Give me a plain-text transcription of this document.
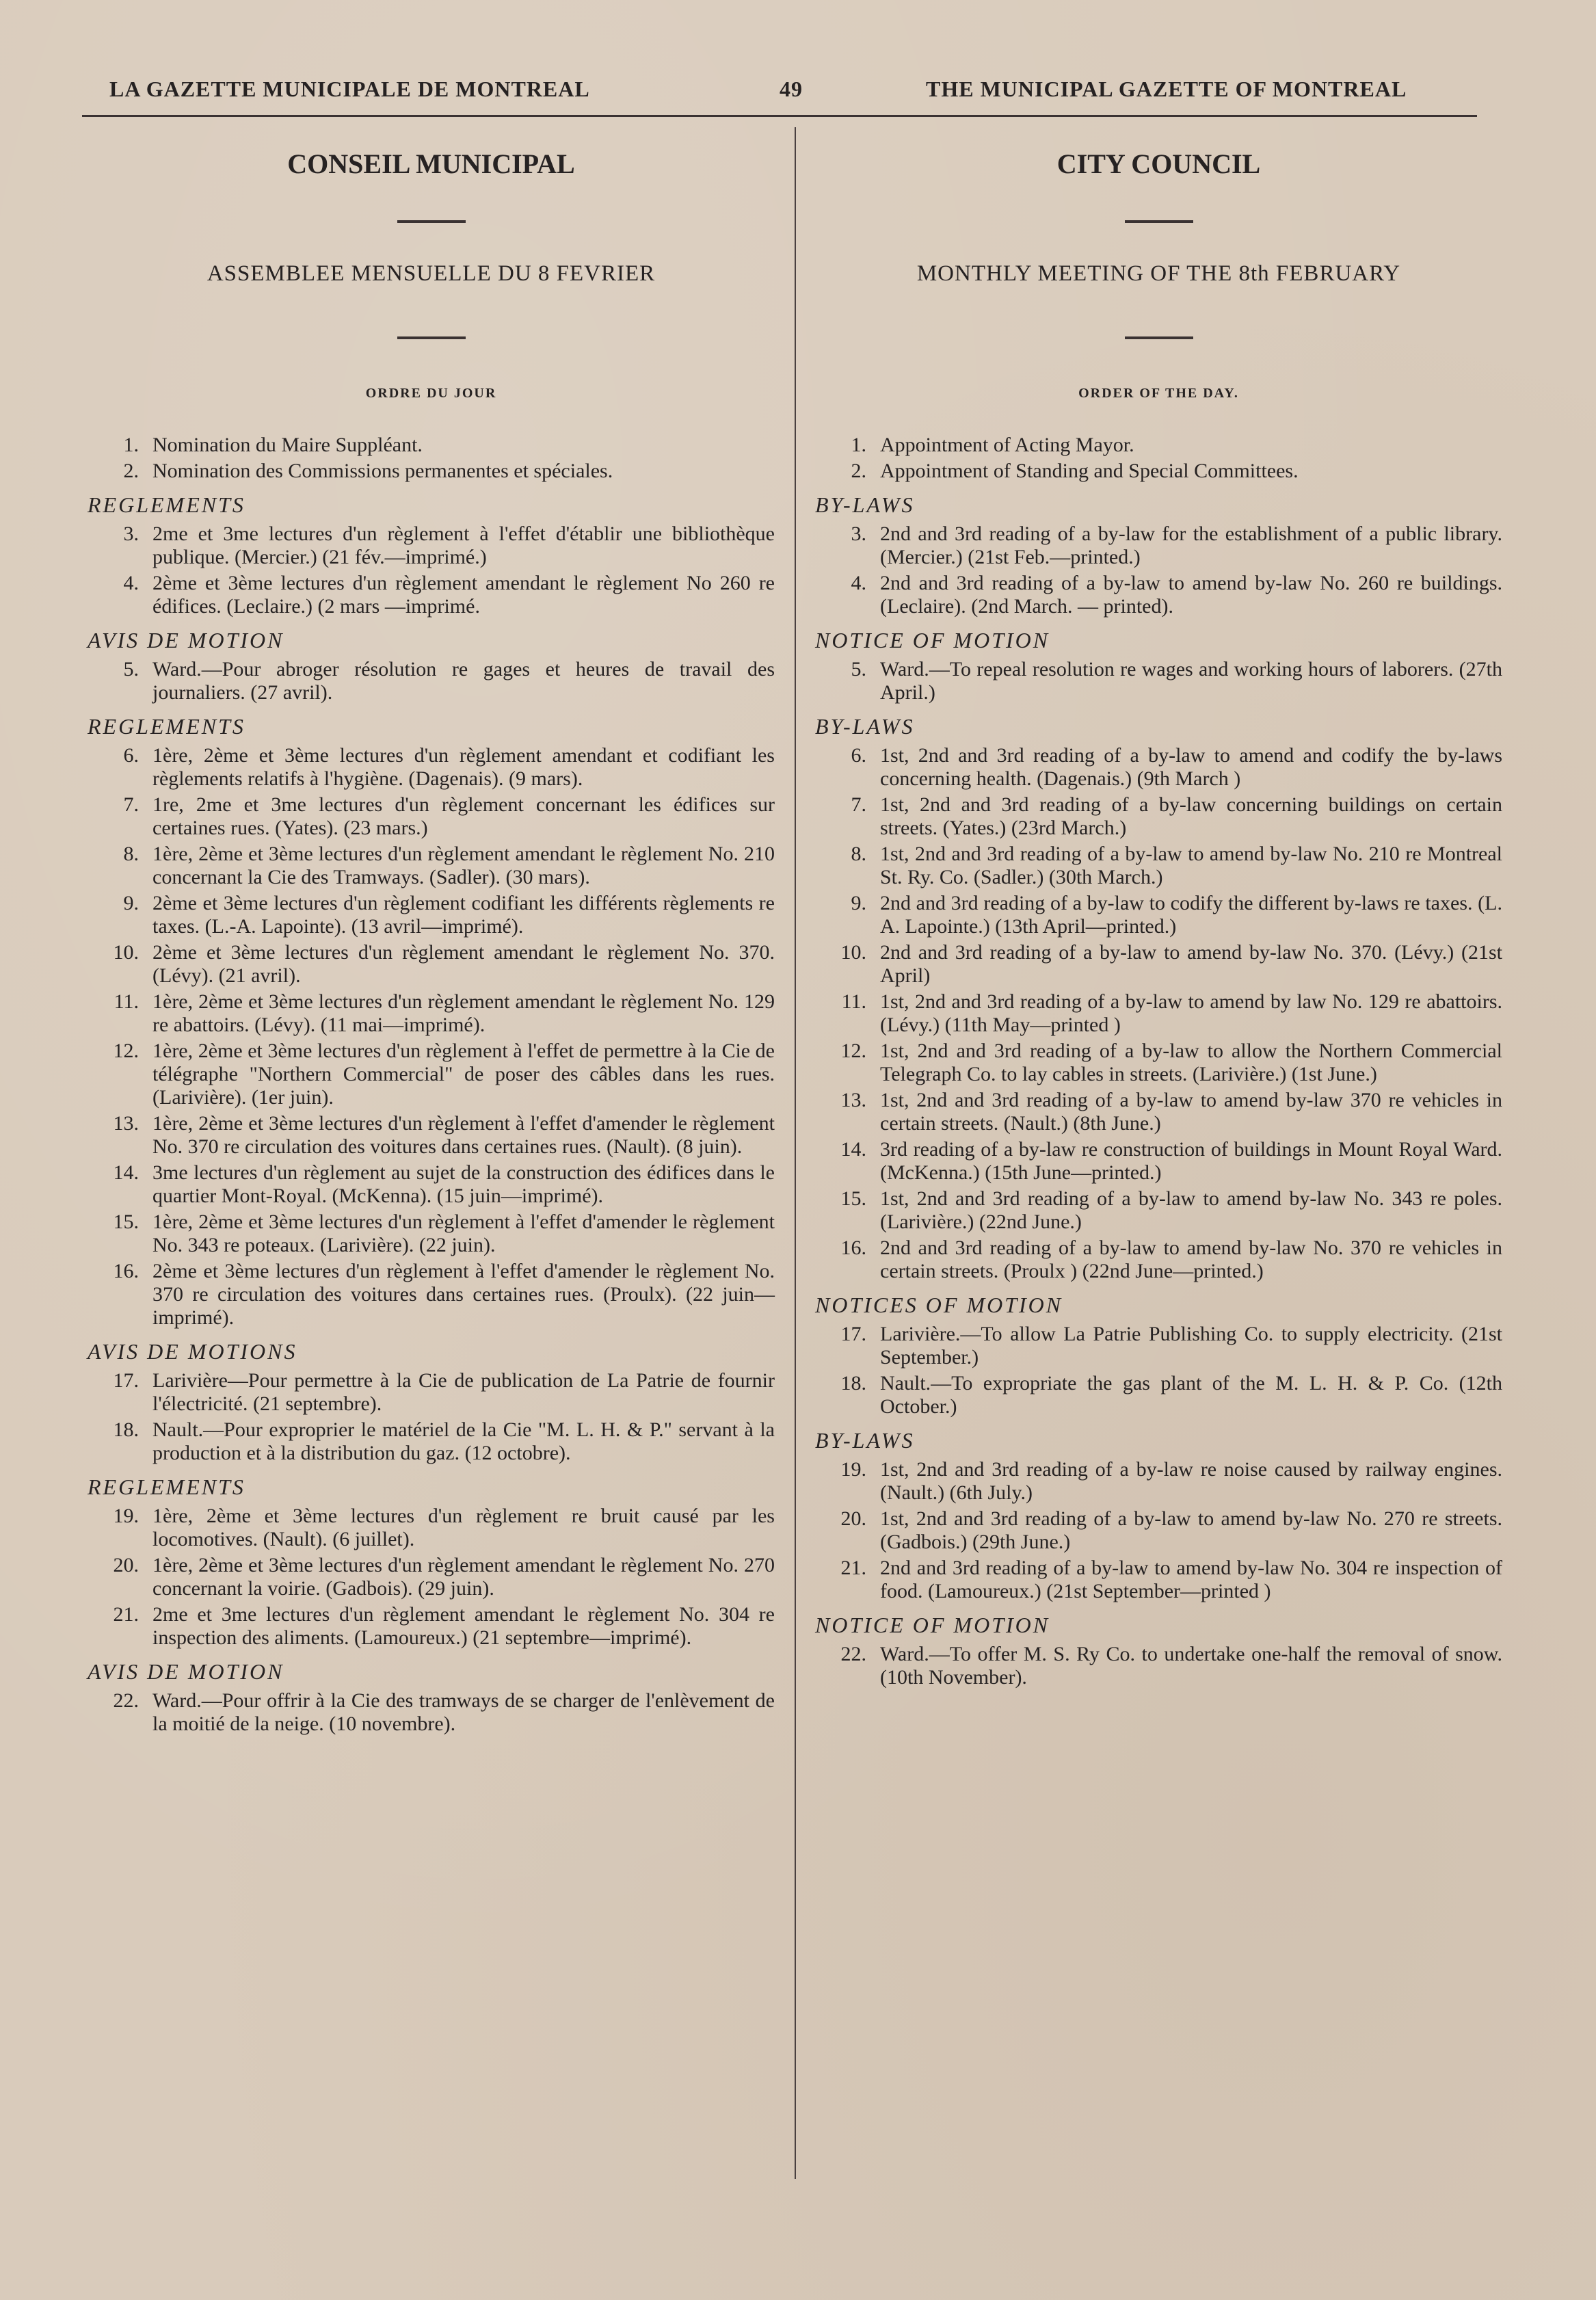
LA GAZETTE MUNICIPALE DE MONTREAL	49	THE MUNICIPAL GAZETTE OF MONTREAL
CONSEIL MUNICIPAL
ASSEMBLEE MENSUELLE DU 8 FEVRIER
ORDRE DU JOUR
1. Nomination du Maire Suppléant.
2. Nomination des Commissions permanentes et spéciales.
REGLEMENTS
3. 2me et 3me lectures d'un règlement à l'effet d'établir une bibliothèque publique. (Mercier.) (21 fév.—imprimé.)
4. 2ème et 3ème lectures d'un règlement amendant le règlement No 260 re édifices. (Leclaire.) (2 mars —imprimé.
AVIS DE MOTION
5. Ward.—Pour abroger résolution re gages et heures de travail des journaliers. (27 avril).
REGLEMENTS
6. 1ère, 2ème et 3ème lectures d'un règlement amendant et codifiant les règlements relatifs à l'hygiène. (Dagenais). (9 mars).
7. 1re, 2me et 3me lectures d'un règlement concernant les édifices sur certaines rues. (Yates). (23 mars.)
8. 1ère, 2ème et 3ème lectures d'un règlement amendant le règlement No. 210 concernant la Cie des Tramways. (Sadler). (30 mars).
9. 2ème et 3ème lectures d'un règlement codifiant les différents règlements re taxes. (L.-A. Lapointe). (13 avril—imprimé).
10. 2ème et 3ème lectures d'un règlement amendant le règlement No. 370. (Lévy). (21 avril).
11. 1ère, 2ème et 3ème lectures d'un règlement amendant le règlement No. 129 re abattoirs. (Lévy). (11 mai—imprimé).
12. 1ère, 2ème et 3ème lectures d'un règlement à l'effet de permettre à la Cie de télégraphe "Northern Commercial" de poser des câbles dans les rues. (Larivière). (1er juin).
13. 1ère, 2ème et 3ème lectures d'un règlement à l'effet d'amender le règlement No. 370 re circulation des voitures dans certaines rues. (Nault). (8 juin).
14. 3me lectures d'un règlement au sujet de la construction des édifices dans le quartier Mont-Royal. (McKenna). (15 juin—imprimé).
15. 1ère, 2ème et 3ème lectures d'un règlement à l'effet d'amender le règlement No. 343 re poteaux. (Larivière). (22 juin).
16. 2ème et 3ème lectures d'un règlement à l'effet d'amender le règlement No. 370 re circulation des voitures dans certaines rues. (Proulx). (22 juin—imprimé).
AVIS DE MOTIONS
17. Larivière—Pour permettre à la Cie de publication de La Patrie de fournir l'électricité. (21 septembre).
18. Nault.—Pour exproprier le matériel de la Cie "M. L. H. & P." servant à la production et à la distribution du gaz. (12 octobre).
REGLEMENTS
19. 1ère, 2ème et 3ème lectures d'un règlement re bruit causé par les locomotives. (Nault). (6 juillet).
20. 1ère, 2ème et 3ème lectures d'un règlement amendant le règlement No. 270 concernant la voirie. (Gadbois). (29 juin).
21. 2me et 3me lectures d'un règlement amendant le règlement No. 304 re inspection des aliments. (Lamoureux.) (21 septembre—imprimé).
AVIS DE MOTION
22. Ward.—Pour offrir à la Cie des tramways de se charger de l'enlèvement de la moitié de la neige. (10 novembre).
CITY COUNCIL
MONTHLY MEETING OF THE 8th FEBRUARY
ORDER OF THE DAY.
1. Appointment of Acting Mayor.
2. Appointment of Standing and Special Committees.
BY-LAWS
3. 2nd and 3rd reading of a by-law for the establishment of a public library. (Mercier.) (21st Feb.—printed.)
4. 2nd and 3rd reading of a by-law to amend by-law No. 260 re buildings. (Leclaire). (2nd March. — printed).
NOTICE OF MOTION
5. Ward.—To repeal resolution re wages and working hours of laborers. (27th April.)
BY-LAWS
6. 1st, 2nd and 3rd reading of a by-law to amend and codify the by-laws concerning health. (Dagenais.) (9th March )
7. 1st, 2nd and 3rd reading of a by-law concerning buildings on certain streets. (Yates.) (23rd March.)
8. 1st, 2nd and 3rd reading of a by-law to amend by-law No. 210 re Montreal St. Ry. Co. (Sadler.) (30th March.)
9. 2nd and 3rd reading of a by-law to codify the different by-laws re taxes. (L. A. Lapointe.) (13th April—printed.)
10. 2nd and 3rd reading of a by-law to amend by-law No. 370. (Lévy.) (21st April)
11. 1st, 2nd and 3rd reading of a by-law to amend by law No. 129 re abattoirs. (Lévy.) (11th May—printed )
12. 1st, 2nd and 3rd reading of a by-law to allow the Northern Commercial Telegraph Co. to lay cables in streets. (Larivière.) (1st June.)
13. 1st, 2nd and 3rd reading of a by-law to amend by-law 370 re vehicles in certain streets. (Nault.) (8th June.)
14. 3rd reading of a by-law re construction of buildings in Mount Royal Ward. (McKenna.) (15th June—printed.)
15. 1st, 2nd and 3rd reading of a by-law to amend by-law No. 343 re poles. (Larivière.) (22nd June.)
16. 2nd and 3rd reading of a by-law to amend by-law No. 370 re vehicles in certain streets. (Proulx ) (22nd June—printed.)
NOTICES OF MOTION
17. Larivière.—To allow La Patrie Publishing Co. to supply electricity. (21st September.)
18. Nault.—To expropriate the gas plant of the M. L. H. & P. Co. (12th October.)
BY-LAWS
19. 1st, 2nd and 3rd reading of a by-law re noise caused by railway engines. (Nault.) (6th July.)
20. 1st, 2nd and 3rd reading of a by-law to amend by-law No. 270 re streets. (Gadbois.) (29th June.)
21. 2nd and 3rd reading of a by-law to amend by-law No. 304 re inspection of food. (Lamoureux.) (21st September—printed )
NOTICE OF MOTION
22. Ward.—To offer M. S. Ry Co. to undertake one-half the removal of snow. (10th November).
